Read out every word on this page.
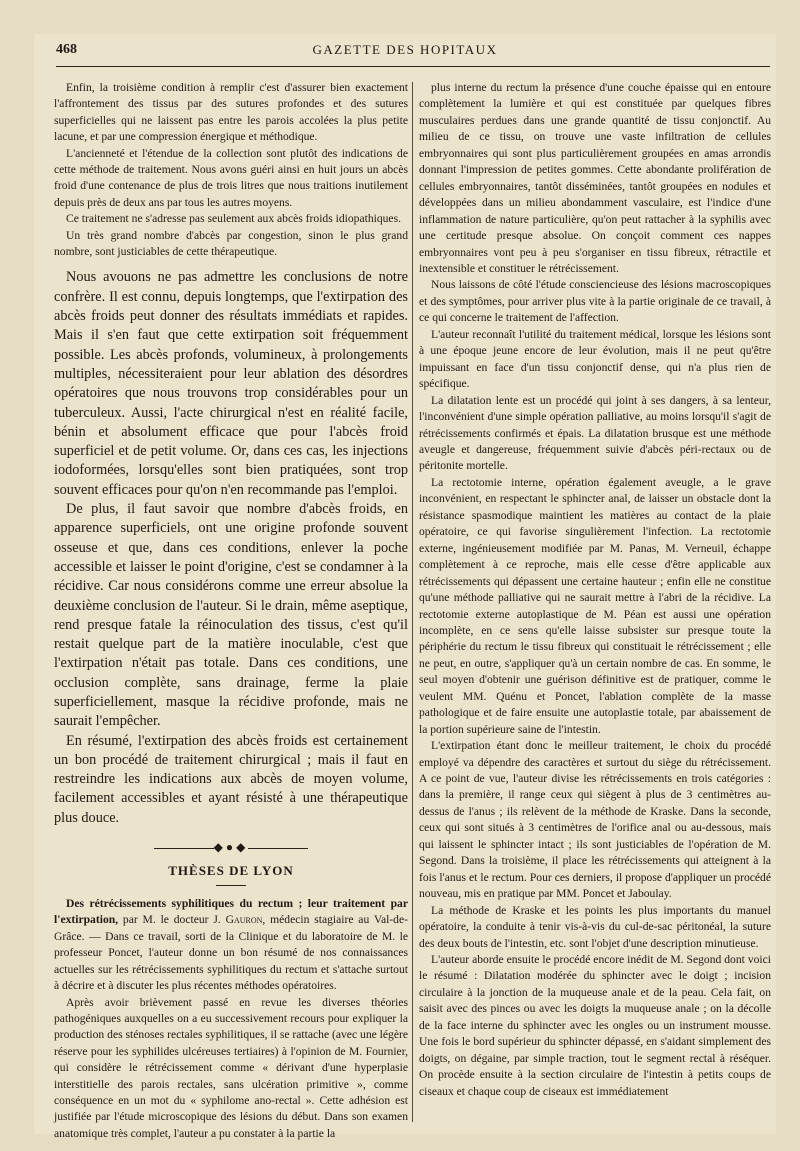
468	GAZETTE DES HOPITAUX

Enfin, la troisième condition à remplir c'est d'assurer bien exactement l'affrontement des tissus par des sutures profondes et des sutures superficielles qui ne laissent pas entre les parois accolées la plus petite lacune, et par une compression énergique et méthodique.

L'ancienneté et l'étendue de la collection sont plutôt des indications de cette méthode de traitement. Nous avons guéri ainsi en huit jours un abcès froid d'une contenance de plus de trois litres que nous traitions inutilement depuis près de deux ans par tous les autres moyens.

Ce traitement ne s'adresse pas seulement aux abcès froids idiopathiques.

Un très grand nombre d'abcès par congestion, sinon le plus grand nombre, sont justiciables de cette thérapeutique.

Nous avouons ne pas admettre les conclusions de notre confrère. Il est connu, depuis longtemps, que l'extirpation des abcès froids peut donner des résultats immédiats et rapides. Mais il s'en faut que cette extirpation soit fréquemment possible. Les abcès profonds, volumineux, à prolongements multiples, nécessiteraient pour leur ablation des désordres opératoires que nous trouvons trop considérables pour un tuberculeux. Aussi, l'acte chirurgical n'est en réalité facile, bénin et absolument efficace que pour l'abcès froid superficiel et de petit volume. Or, dans ces cas, les injections iodoformées, lorsqu'elles sont bien pratiquées, sont trop souvent efficaces pour qu'on n'en recommande pas l'emploi.

De plus, il faut savoir que nombre d'abcès froids, en apparence superficiels, ont une origine profonde souvent osseuse et que, dans ces conditions, enlever la poche accessible et laisser le point d'origine, c'est se condamner à la récidive. Car nous considérons comme une erreur absolue la deuxième conclusion de l'auteur. Si le drain, même aseptique, rend presque fatale la réinoculation des tissus, c'est qu'il restait quelque part de la matière inoculable, c'est que l'extirpation n'était pas totale. Dans ces conditions, une occlusion complète, sans drainage, ferme la plaie superficiellement, masque la récidive profonde, mais ne saurait l'empêcher.

En résumé, l'extirpation des abcès froids est certainement un bon procédé de traitement chirurgical ; mais il faut en restreindre les indications aux abcès de moyen volume, facilement accessibles et ayant résisté à une thérapeutique plus douce.

◆●◆
THÈSES DE LYON

Des rétrécissements syphilitiques du rectum ; leur traitement par l'extirpation, par M. le docteur J. Gauron, médecin stagiaire au Val-de-Grâce. — Dans ce travail, sorti de la Clinique et du laboratoire de M. le professeur Poncet, l'auteur donne un bon résumé de nos connaissances actuelles sur les rétrécissements syphilitiques du rectum et s'attache surtout à décrire et à discuter les plus récentes méthodes opératoires.

Après avoir brièvement passé en revue les diverses théories pathogéniques auxquelles on a eu successivement recours pour expliquer la production des sténoses rectales syphilitiques, il se rattache (avec une légère réserve pour les syphilides ulcéreuses tertiaires) à l'opinion de M. Fournier, qui considère le rétrécissement comme « dérivant d'une hyperplasie interstitielle des parois rectales, sans ulcération primitive », comme conséquence en un mot du « syphilome ano-rectal ». Cette adhésion est justifiée par l'étude microscopique des lésions du début. Dans son examen anatomique très complet, l'auteur a pu constater à la partie la

plus interne du rectum la présence d'une couche épaisse qui en entoure complètement la lumière et qui est constituée par quelques fibres musculaires perdues dans une grande quantité de tissu conjonctif. Au milieu de ce tissu, on trouve une vaste infiltration de cellules embryonnaires qui sont plus particulièrement groupées en amas arrondis donnant l'impression de petites gommes. Cette abondante prolifération de cellules embryonnaires, tantôt disséminées, tantôt groupées en nodules et développées dans un milieu abondamment vasculaire, est l'indice d'une inflammation de nature particulière, qu'on peut rattacher à la syphilis avec une certitude presque absolue. On conçoit comment ces nappes embryonnaires vont peu à peu s'organiser en tissu fibreux, rétractile et inextensible et constituer le rétrécissement.

Nous laissons de côté l'étude consciencieuse des lésions macroscopiques et des symptômes, pour arriver plus vite à la partie originale de ce travail, à ce qui concerne le traitement de l'affection.

L'auteur reconnaît l'utilité du traitement médical, lorsque les lésions sont à une époque jeune encore de leur évolution, mais il ne peut qu'être impuissant en face d'un tissu conjonctif dense, qui n'a plus rien de spécifique.

La dilatation lente est un procédé qui joint à ses dangers, à sa lenteur, l'inconvénient d'une simple opération palliative, au moins lorsqu'il s'agit de rétrécissements confirmés et épais. La dilatation brusque est une méthode aveugle et dangereuse, fréquemment suivie d'abcès péri-rectaux ou de péritonite mortelle.

La rectotomie interne, opération également aveugle, a le grave inconvénient, en respectant le sphincter anal, de laisser un obstacle dont la résistance spasmodique maintient les matières au contact de la plaie opératoire, ce qui favorise singulièrement l'infection. La rectotomie externe, ingénieusement modifiée par M. Panas, M. Verneuil, échappe complètement à ce reproche, mais elle cesse d'être applicable aux rétrécissements qui dépassent une certaine hauteur ; enfin elle ne constitue qu'une méthode palliative qui ne saurait mettre à l'abri de la récidive. La rectotomie externe autoplastique de M. Péan est aussi une opération incomplète, en ce sens qu'elle laisse subsister sur presque toute la périphérie du rectum le tissu fibreux qui constituait le rétrécissement ; elle ne peut, en outre, s'appliquer qu'à un certain nombre de cas. En somme, le seul moyen d'obtenir une guérison définitive est de pratiquer, comme le veulent MM. Quénu et Poncet, l'ablation complète de la masse pathologique et de faire ensuite une autoplastie totale, par abaissement de la portion supérieure saine de l'intestin.

L'extirpation étant donc le meilleur traitement, le choix du procédé employé va dépendre des caractères et surtout du siège du rétrécissement. A ce point de vue, l'auteur divise les rétrécissements en trois catégories : dans la première, il range ceux qui siègent à plus de 3 centimètres au-dessus de l'anus ; ils relèvent de la méthode de Kraske. Dans la seconde, ceux qui sont situés à 3 centimètres de l'orifice anal ou au-dessous, mais qui laissent le sphincter intact ; ils sont justiciables de l'opération de M. Segond. Dans la troisième, il place les rétrécissements qui atteignent à la fois l'anus et le rectum. Pour ces derniers, il propose d'appliquer un procédé nouveau, mis en pratique par MM. Poncet et Jaboulay.

La méthode de Kraske et les points les plus importants du manuel opératoire, la conduite à tenir vis-à-vis du cul-de-sac péritonéal, la suture des deux bouts de l'intestin, etc. sont l'objet d'une description minutieuse.

L'auteur aborde ensuite le procédé encore inédit de M. Segond dont voici le résumé : Dilatation modérée du sphincter avec le doigt ; incision circulaire à la jonction de la muqueuse anale et de la peau. Cela fait, on saisit avec des pinces ou avec les doigts la muqueuse anale ; on la décolle de la face interne du sphincter avec les ongles ou un instrument mousse. Une fois le bord supérieur du sphincter dépassé, en s'aidant simplement des doigts, on dégaine, par simple traction, tout le segment rectal à réséquer. On procède ensuite à la section circulaire de l'intestin à petits coups de ciseaux et chaque coup de ciseaux est immédiatement
